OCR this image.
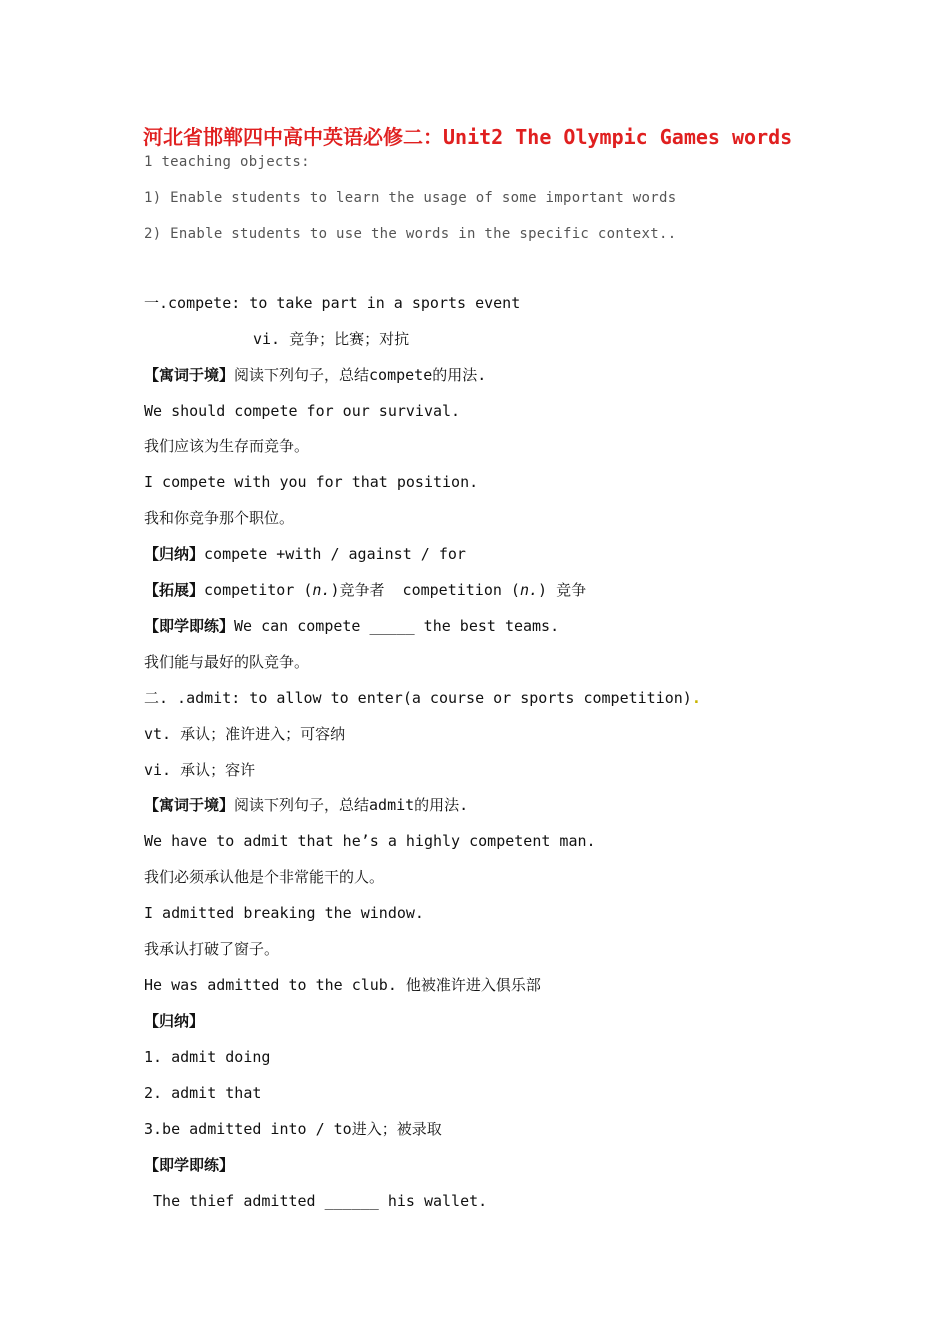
河北省邯郸四中高中英语必修二：Unit2 The Olympic Games words
1 teaching objects:
1) Enable students to learn the usage of some important words
2) Enable students to use the words in the specific context..
一.compete: to take part in a sports event
vi. 竞争；比赛；对抗
【寓词于境】阅读下列句子，总结compete的用法.
We should compete for our survival.
我们应该为生存而竞争。
I compete with you for that position.
我和你竞争那个职位。
【归纳】compete +with / against / for
【拓展】competitor (n.)竞争者  competition (n.) 竞争
【即学即练】We can compete _____ the best teams.
我们能与最好的队竞争。
二. .admit: to allow to enter(a course or sports competition).
vt. 承认；准许进入；可容纳
vi. 承认；容许
【寓词于境】阅读下列句子，总结admit的用法.
We have to admit that he’s a highly competent man.
我们必须承认他是个非常能干的人。
I admitted breaking the window.
我承认打破了窗子。
He was admitted to the club. 他被准许进入俱乐部
【归纳】
1. admit doing
2. admit that
3.be admitted into / to进入；被录取
【即学即练】
The thief admitted ______ his wallet.
